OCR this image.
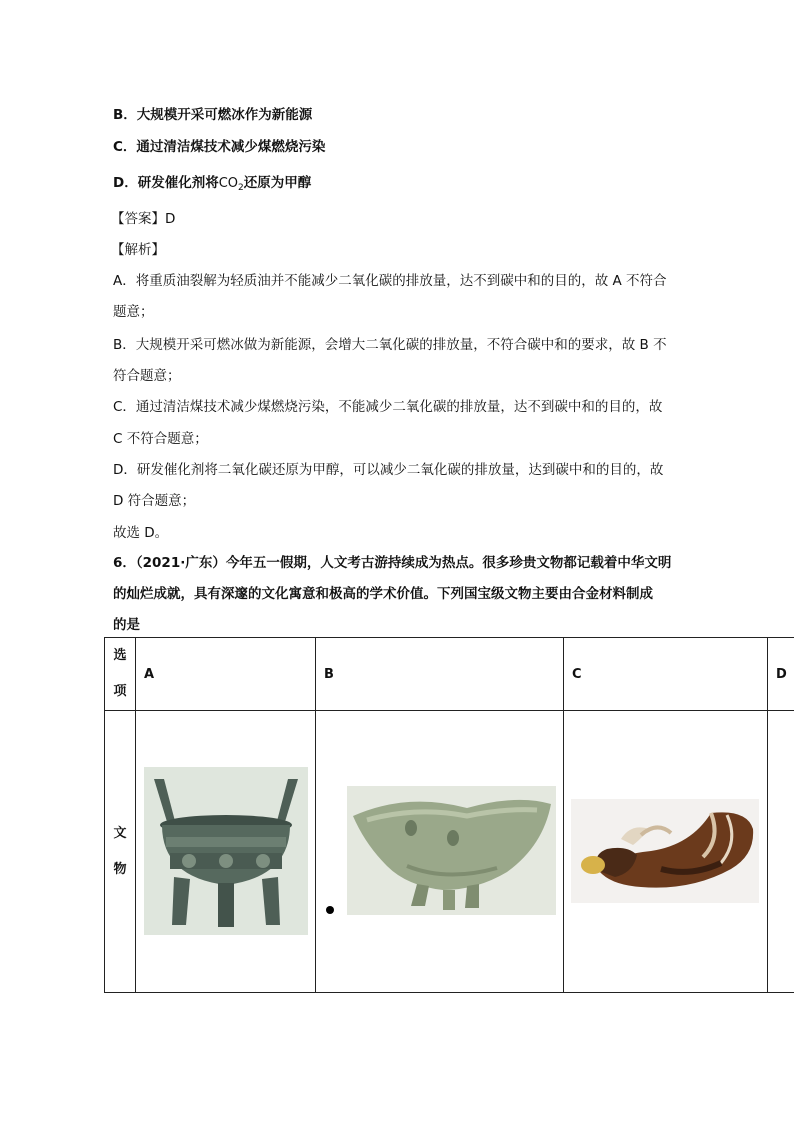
B．大规模开采可燃冰作为新能源
C．通过清洁煤技术减少煤燃烧污染
D．研发催化剂将$CO_2$还原为甲醇
【答案】D
【解析】
A．将重质油裂解为轻质油并不能减少二氧化碳的排放量，达不到碳中和的目的，故 A 不符合
题意；
B．大规模开采可燃冰做为新能源，会增大二氧化碳的排放量，不符合碳中和的要求，故 B 不
符合题意；
C．通过清洁煤技术减少煤燃烧污染，不能减少二氧化碳的排放量，达不到碳中和的目的，故
C 不符合题意；
D．研发催化剂将二氧化碳还原为甲醇，可以减少二氧化碳的排放量，达到碳中和的目的，故
D 符合题意；
故选 D。
6．（2021·广东）今年五一假期，人文考古游持续成为热点。很多珍贵文物都记载着中华文明
的灿烂成就，具有深邃的文化寓意和极高的学术价值。下列国宝级文物主要由合金材料制成
的是
选项	A	B	C	D
文物	
